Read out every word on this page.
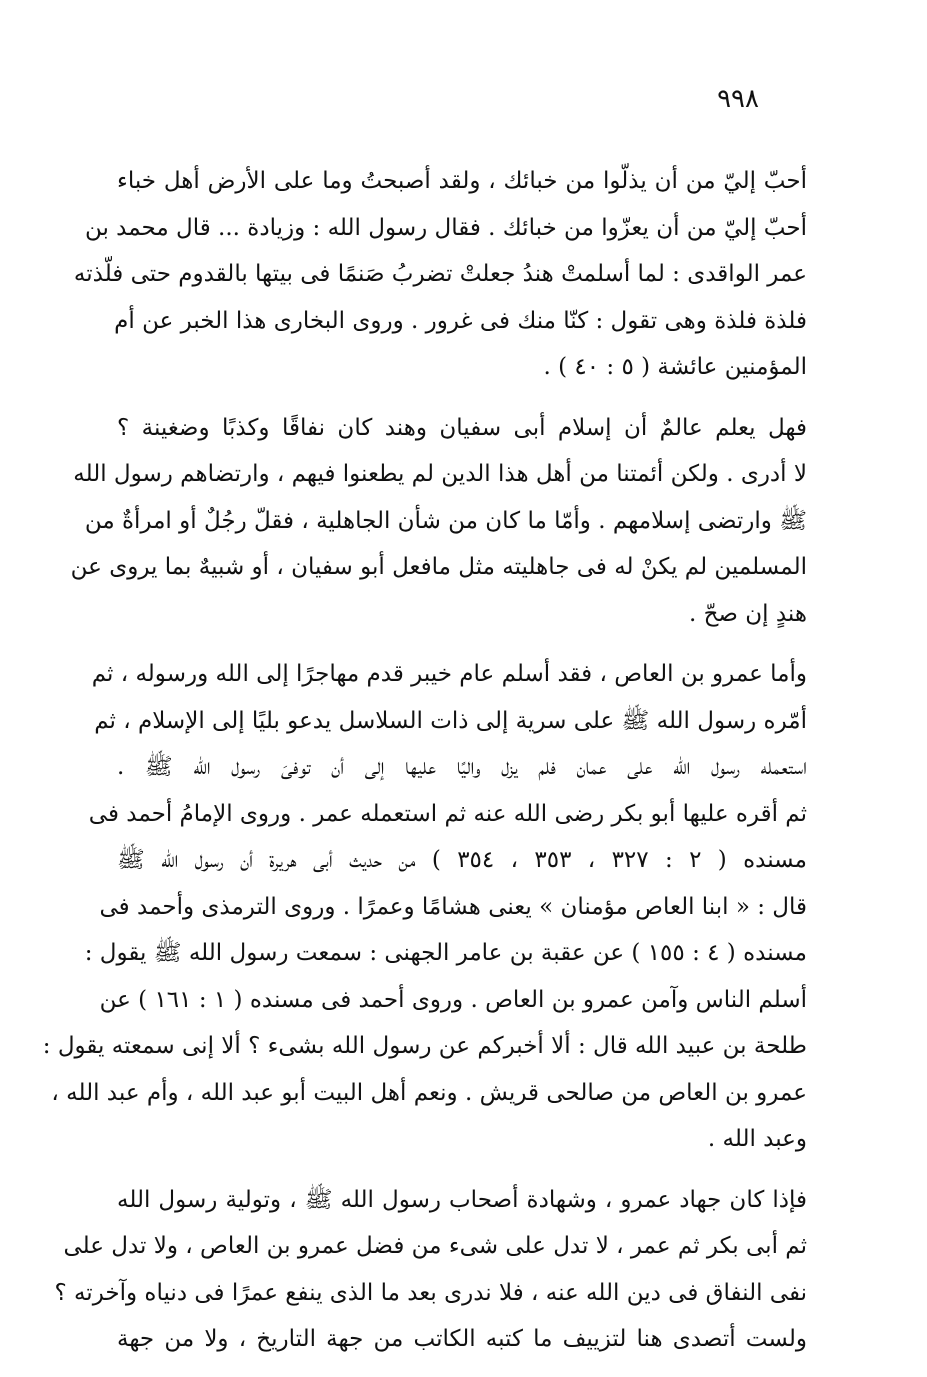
٩٩٨
أحبّ إليّ من أن يذلّوا من خبائك ، ولقد أصبحتُ وما على الأرض أهل خباء
أحبّ إليّ من أن يعزّوا من خبائك . فقال رسول الله : وزيادة ... قال محمد بن
عمر الواقدى : لما أسلمتْ هندُ جعلتْ تضربُ صَنمًا فى بيتها بالقدوم حتى فلّذته
فلذة فلذة وهى تقول : كنّا منك فى غرور . وروى البخارى هذا الخبر عن أم
المؤمنين عائشة ( ٥ : ٤٠ ) .
فهل يعلم عالمٌ أن إسلام أبى سفيان وهند كان نفاقًا وكذبًا وضغينة ؟
لا أدرى . ولكن أئمتنا من أهل هذا الدين لم يطعنوا فيهم ، وارتضاهم رسول الله
ﷺ وارتضى إسلامهم . وأمّا ما كان من شأن الجاهلية ، فقلّ رجُلٌ أو امرأةٌ من
المسلمين لم يكنْ له فى جاهليته مثل مافعل أبو سفيان ، أو شبيهٌ بما يروى عن
هندٍ إن صحّ .
وأما عمرو بن العاص ، فقد أسلم عام خيبر قدم مهاجرًا إلى الله ورسوله ، ثم
أمّره رسول الله ﷺ على سرية إلى ذات السلاسل يدعو بليًا إلى الإسلام ، ثم
استعمله رسول الله على عمان فلم يزل واليًا عليها إلى أن توفىَ رسول الله ﷺ .
ثم أقره عليها أبو بكر رضى الله عنه ثم استعمله عمر . وروى الإمامُ أحمد فى
مسنده ( ٢ : ٣٢٧ ، ٣٥٣ ، ٣٥٤ ) من حديث أبى هريرة أن رسول الله ﷺ
قال : « ابنا العاص مؤمنان » يعنى هشامًا وعمرًا . وروى الترمذى وأحمد فى
مسنده ( ٤ : ١٥٥ ) عن عقبة بن عامر الجهنى : سمعت رسول الله ﷺ يقول :
أسلم الناس وآمن عمرو بن العاص . وروى أحمد فى مسنده ( ١ : ١٦١ ) عن
طلحة بن عبيد الله قال : ألا أخبركم عن رسول الله بشىء ؟ ألا إنى سمعته يقول :
عمرو بن العاص من صالحى قريش . ونعم أهل البيت أبو عبد الله ، وأم عبد الله ،
وعبد الله .
فإذا كان جهاد عمرو ، وشهادة أصحاب رسول الله ﷺ ، وتولية رسول الله
ثم أبى بكر ثم عمر ، لا تدل على شىء من فضل عمرو بن العاص ، ولا تدل على
نفى النفاق فى دين الله عنه ، فلا ندرى بعد ما الذى ينفع عمرًا فى دنياه وآخرته ؟
ولست أتصدى هنا لتزييف ما كتبه الكاتب من جهة التاريخ ، ولا من جهة
